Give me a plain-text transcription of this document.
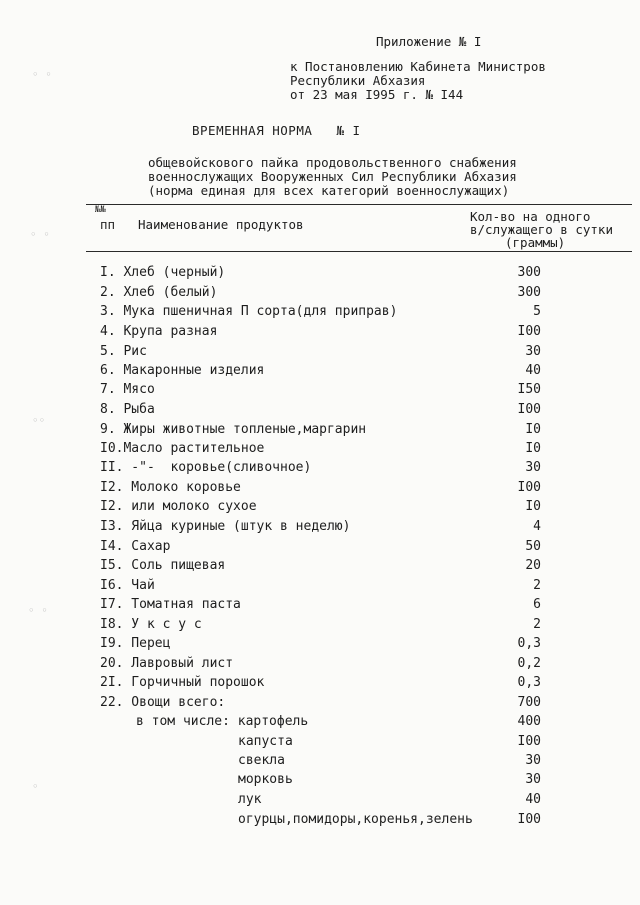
◦ ◦
◦ ◦
◦◦
◦ ◦
◦
Приложение № I
к Постановлению Кабинета Министров
Республики Абхазия
от 23 мая I995 г. № I44
ВРЕМЕННАЯ НОРМА   № I
общевойскового пайка продовольственного снабжения
военнослужащих Вооруженных Сил Республики Абхазия
(норма единая для всех категорий военнослужащих)
№№
пп Наименование продуктов
Кол-во на одного
в/служащего в сутки
(граммы)
I. Хлеб (черный)	300
2. Хлеб (белый)	300
3. Мука пшеничная П сорта(для приправ)	5
4. Крупа разная	I00
5. Рис	30
6. Макаронные изделия	40
7. Мясо	I50
8. Рыба	I00
9. Жиры животные топленые,маргарин	I0
I0.Масло растительное	I0
II. -"-  коровье(сливочное)	30
I2. Молоко коровье	I00
I2. или молоко сухое	I0
I3. Яйца куриные (штук в неделю)	4
I4. Сахар	50
I5. Соль пищевая	20
I6. Чай	2
I7. Томатная паста	6
I8. У к с у с	2
I9. Перец	0,3
20. Лавровый лист	0,2
2I. Горчичный порошок	0,3
22. Овощи всего:	700
в том числе: картофель	400
капуста	I00
свекла	30
морковь	30
лук	40
огурцы,помидоры,коренья,зелень	I00
